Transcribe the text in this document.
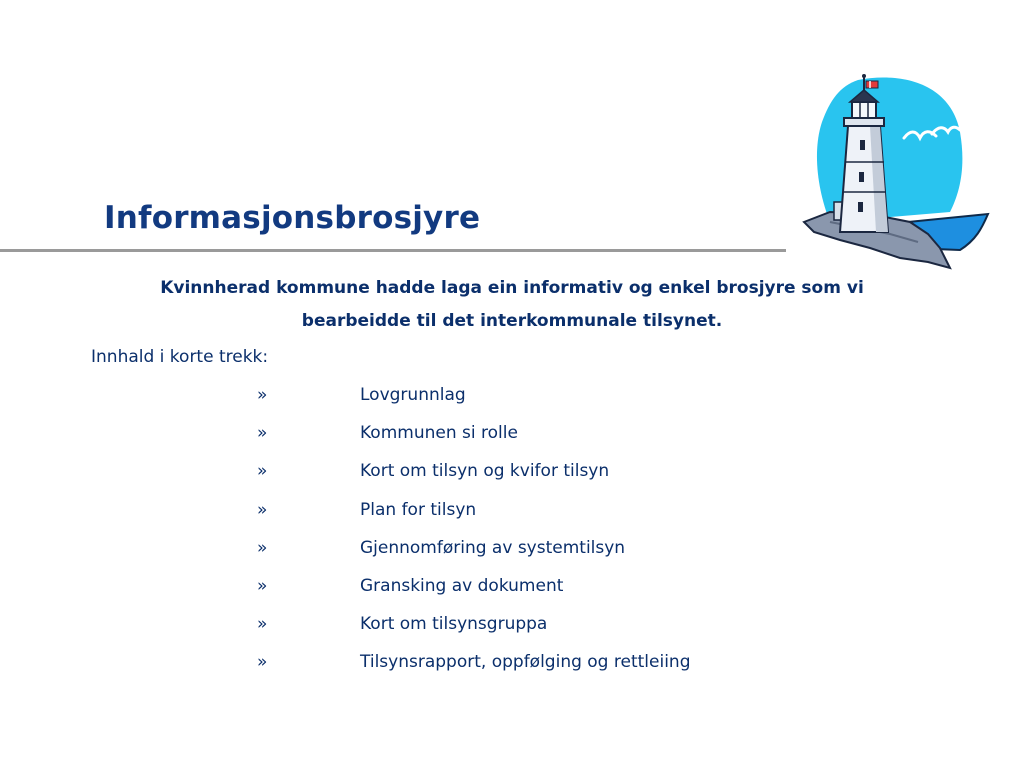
Informasjonsbrosjyre
Kvinnherad kommune hadde laga ein informativ og enkel brosjyre som vi
bearbeidde til det interkommunale tilsynet.
Innhald i korte trekk:
»	Lovgrunnlag
»	Kommunen si rolle
»	Kort om tilsyn og kvifor tilsyn
»	Plan for tilsyn
»	Gjennomføring av systemtilsyn
»	Gransking av dokument
»	Kort om tilsynsgruppa
»	Tilsynsrapport, oppfølging og rettleiing
